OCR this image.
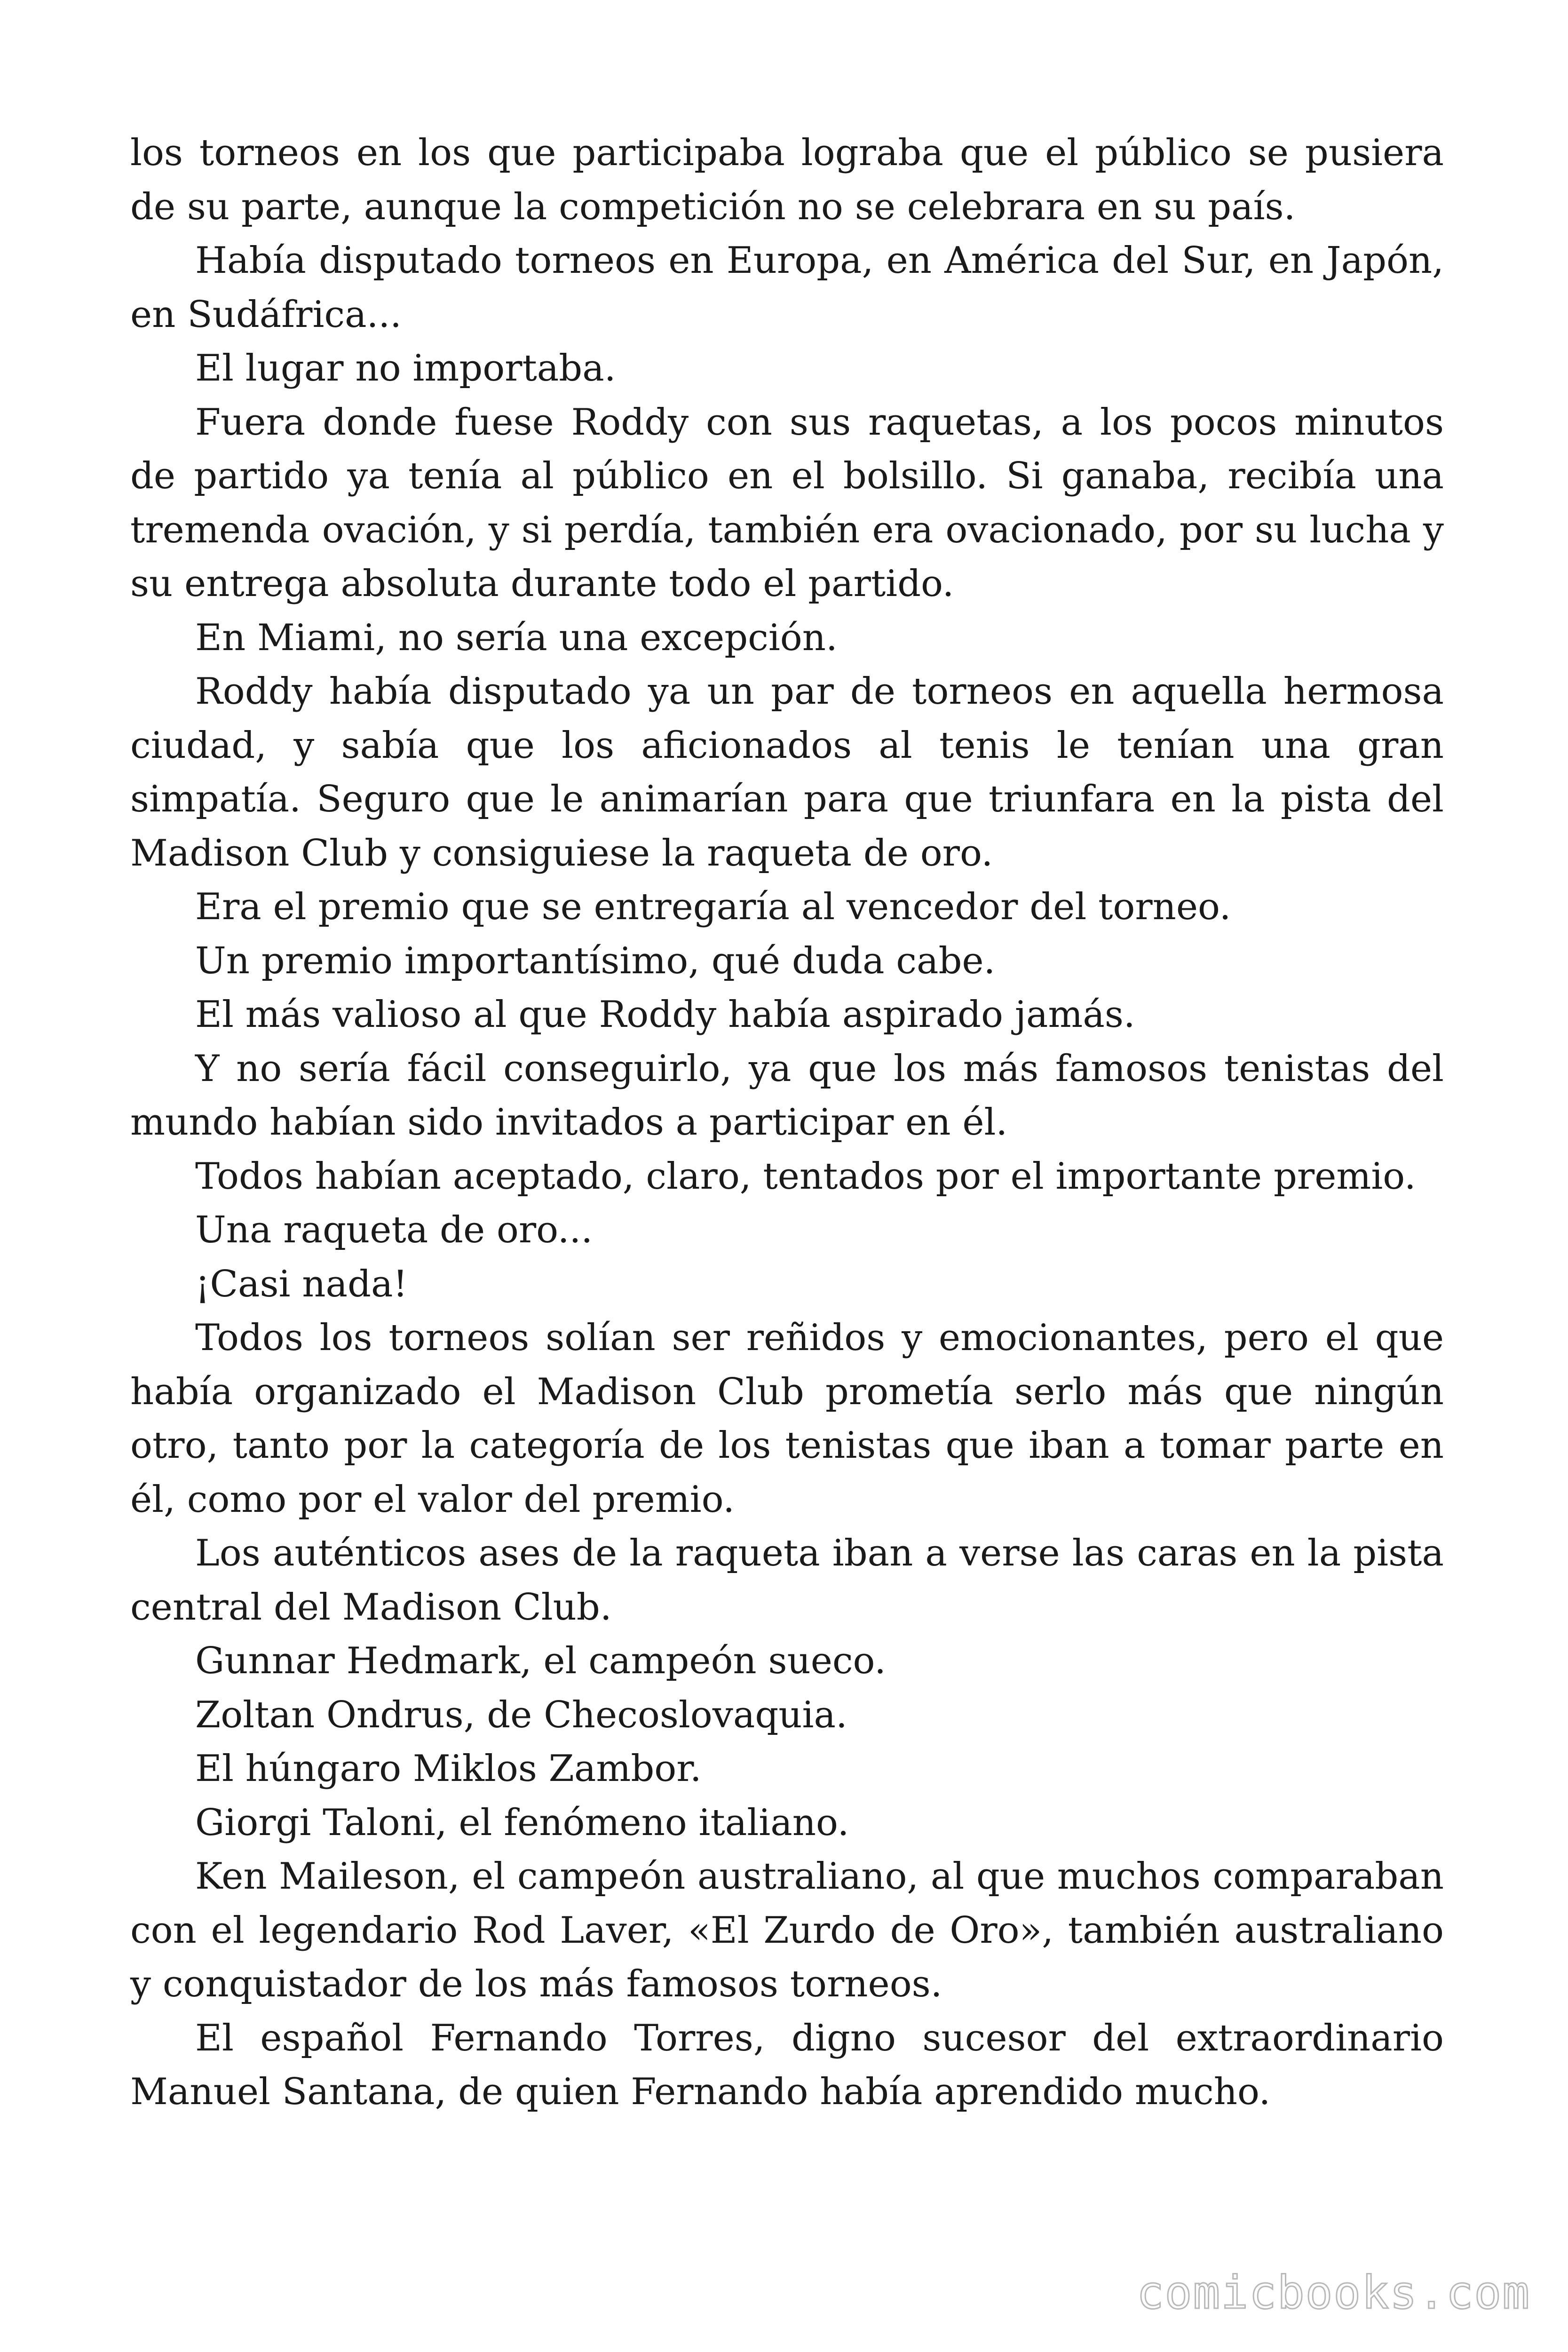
los torneos en los que participaba lograba que el público se pusiera de su parte, aunque la competición no se celebrara en su país.

Había disputado torneos en Europa, en América del Sur, en Japón, en Sudáfrica...

El lugar no importaba.

Fuera donde fuese Roddy con sus raquetas, a los pocos minutos de partido ya tenía al público en el bolsillo. Si ganaba, recibía una tremenda ovación, y si perdía, también era ovacionado, por su lucha y su entrega absoluta durante todo el partido.

En Miami, no sería una excepción.

Roddy había disputado ya un par de torneos en aquella hermosa ciudad, y sabía que los aficionados al tenis le tenían una gran simpatía. Seguro que le animarían para que triunfara en la pista del Madison Club y consiguiese la raqueta de oro.

Era el premio que se entregaría al vencedor del torneo.

Un premio importantísimo, qué duda cabe.

El más valioso al que Roddy había aspirado jamás.

Y no sería fácil conseguirlo, ya que los más famosos tenistas del mundo habían sido invitados a participar en él.

Todos habían aceptado, claro, tentados por el importante premio.

Una raqueta de oro...

¡Casi nada!

Todos los torneos solían ser reñidos y emocionantes, pero el que había organizado el Madison Club prometía serlo más que ningún otro, tanto por la categoría de los tenistas que iban a tomar parte en él, como por el valor del premio.

Los auténticos ases de la raqueta iban a verse las caras en la pista central del Madison Club.

Gunnar Hedmark, el campeón sueco.

Zoltan Ondrus, de Checoslovaquia.

El húngaro Miklos Zambor.

Giorgi Taloni, el fenómeno italiano.

Ken Maileson, el campeón australiano, al que muchos comparaban con el legendario Rod Laver, «El Zurdo de Oro», también australiano y conquistador de los más famosos torneos.

El español Fernando Torres, digno sucesor del extraordinario Manuel Santana, de quien Fernando había aprendido mucho.

comicbooks.com
